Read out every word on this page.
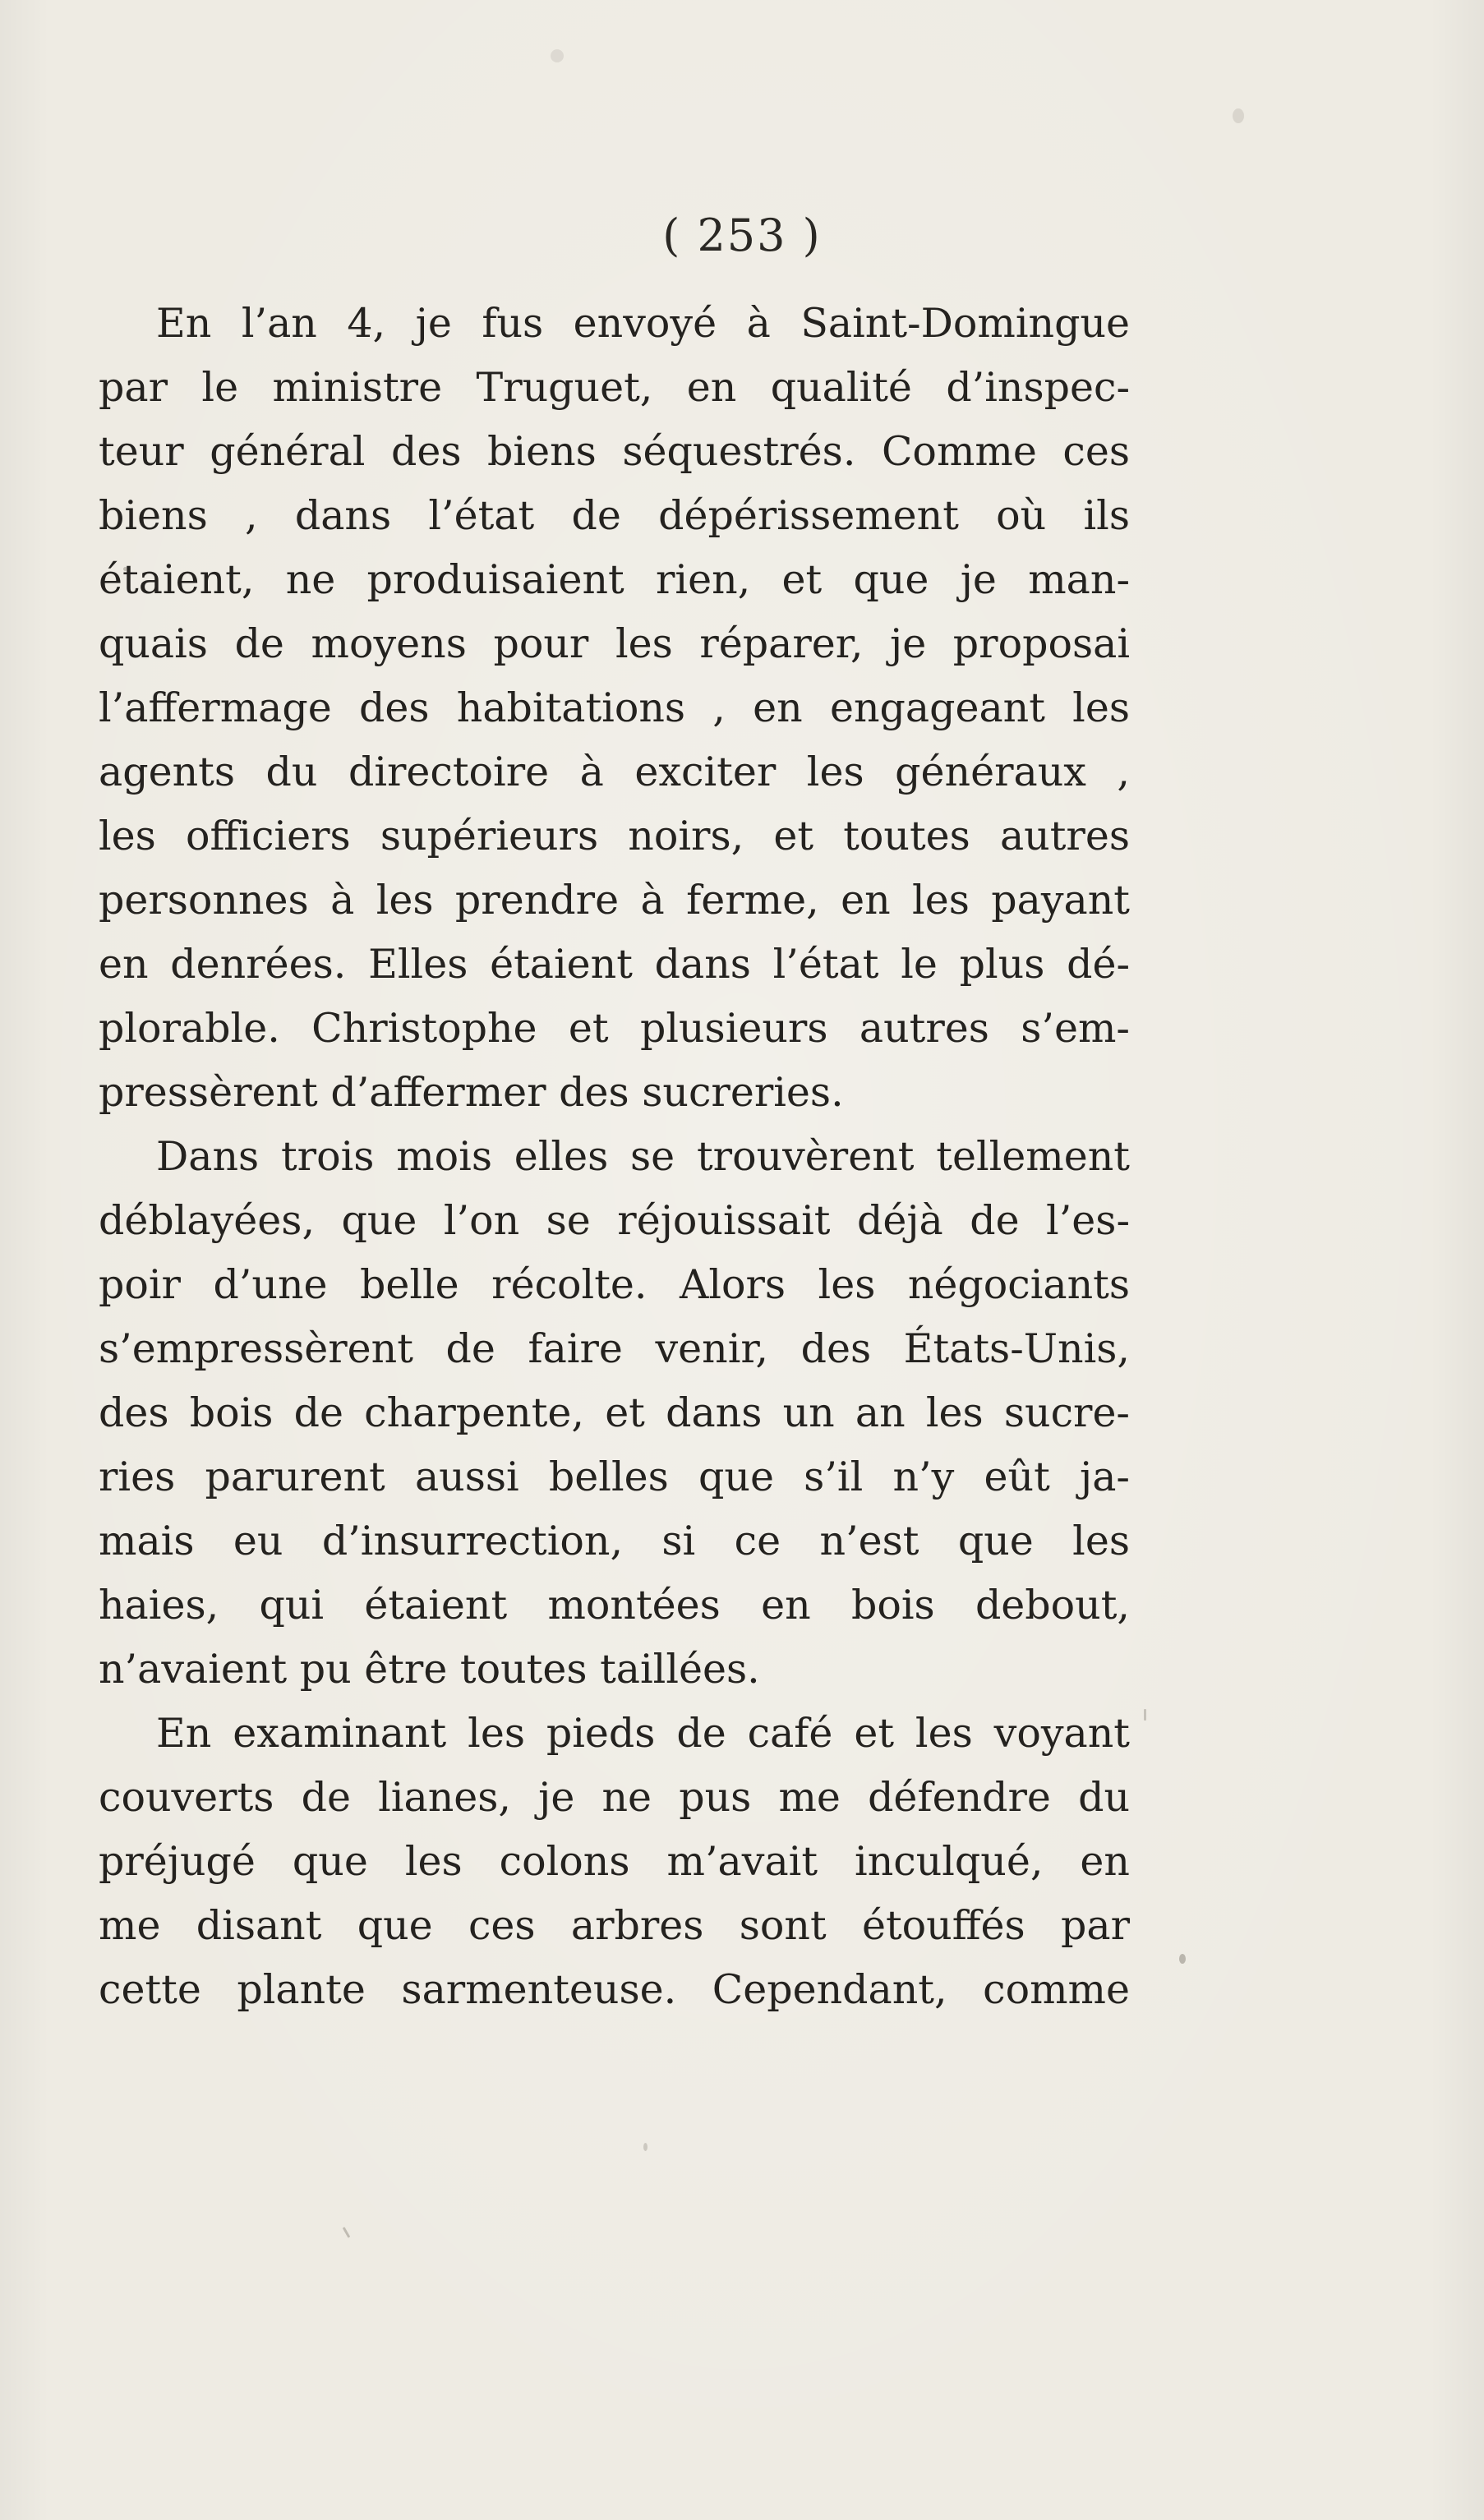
( 253 )
En l’an 4, je fus envoyé à Saint-Domingue
par le ministre Truguet, en qualité d’inspec-
teur général des biens séquestrés. Comme ces
biens , dans l’état de dépérissement où ils
étaient, ne produisaient rien, et que je man-
quais de moyens pour les réparer, je proposai
l’affermage des habitations , en engageant les
agents du directoire à exciter les généraux ,
les officiers supérieurs noirs, et toutes autres
personnes à les prendre à ferme, en les payant
en denrées. Elles étaient dans l’état le plus dé-
plorable. Christophe et plusieurs autres s’em-
pressèrent d’affermer des sucreries.
Dans trois mois elles se trouvèrent tellement
déblayées, que l’on se réjouissait déjà de l’es-
poir d’une belle récolte. Alors les négociants
s’empressèrent de faire venir, des États-Unis,
des bois de charpente, et dans un an les sucre-
ries parurent aussi belles que s’il n’y eût ja-
mais eu d’insurrection, si ce n’est que les
haies, qui étaient montées en bois debout,
n’avaient pu être toutes taillées.
En examinant les pieds de café et les voyant
couverts de lianes, je ne pus me défendre du
préjugé que les colons m’avait inculqué, en
me disant que ces arbres sont étouffés par
cette plante sarmenteuse. Cependant, comme
